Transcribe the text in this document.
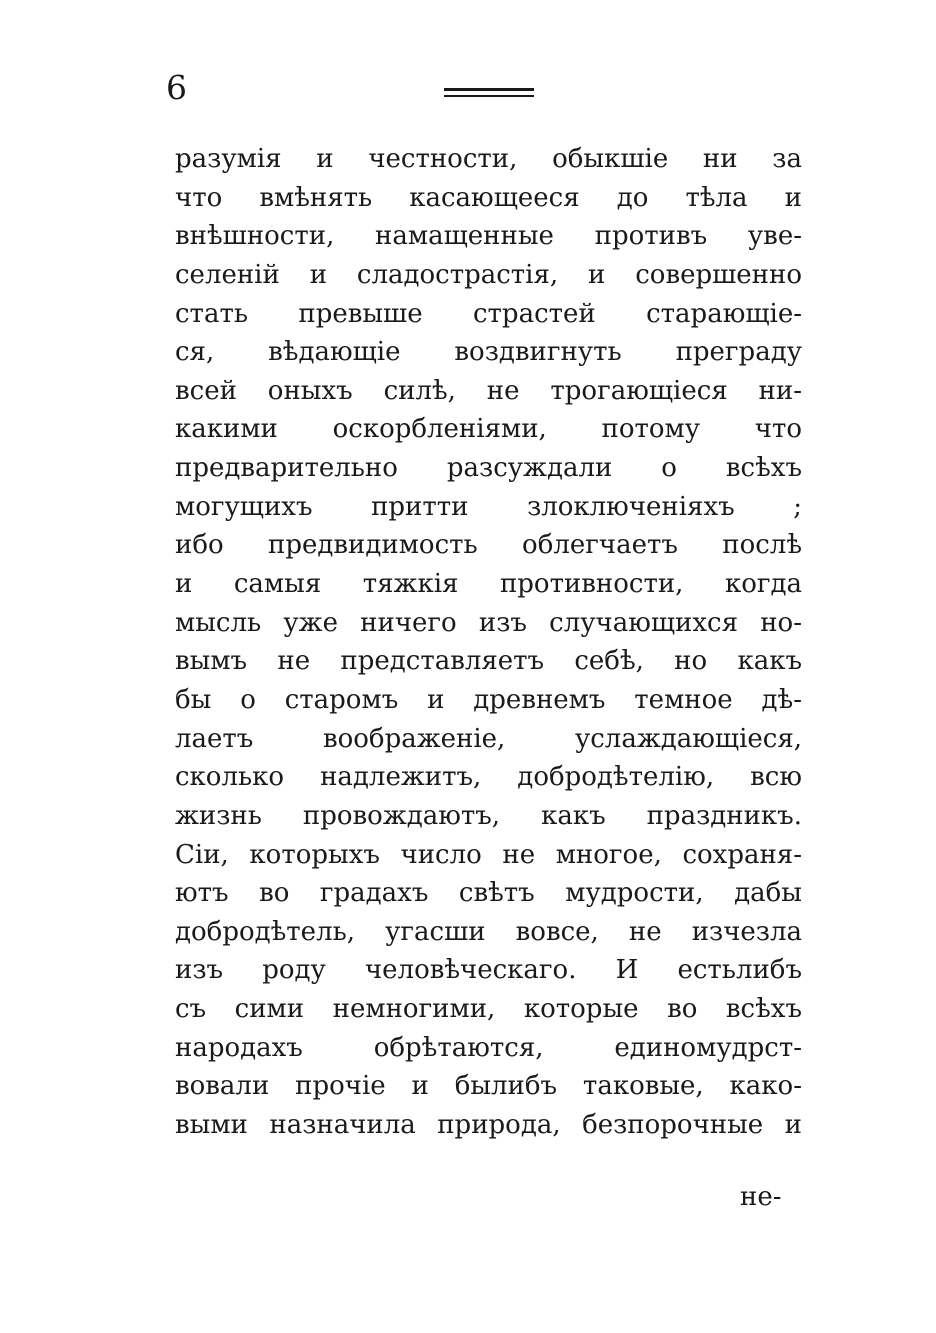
6
разумія и честности, обыкшіе ни за
что вмѣнять касающееся до тѣла и
внѣшности, намащенные противъ уве-
селеній и сладострастія, и совершенно
стать превыше страстей старающіе-
ся, вѣдающіе воздвигнуть преграду
всей оныхъ силѣ, не трогающіеся ни-
какими оскорбленіями, потому что
предварительно разсуждали о всѣхъ
могущихъ притти злоключеніяхъ ;
ибо предвидимость облегчаетъ послѣ
и самыя тяжкія противности, когда
мысль уже ничего изъ случающихся но-
вымъ не представляетъ себѣ, но какъ
бы о старомъ и древнемъ темное дѣ-
лаетъ воображеніе, услаждающіеся,
сколько надлежитъ, добродѣтелію, всю
жизнь провождаютъ, какъ праздникъ.
Сіи, которыхъ число не многое, сохраня-
ютъ во градахъ свѣтъ мудрости, дабы
добродѣтель, угасши вовсе, не изчезла
изъ роду человѣческаго. И естьлибъ
съ сими немногими, которые во всѣхъ
народахъ обрѣтаются, единомудрст-
вовали прочіе и былибъ таковые, како-
выми назначила природа, безпорочные и
не-
